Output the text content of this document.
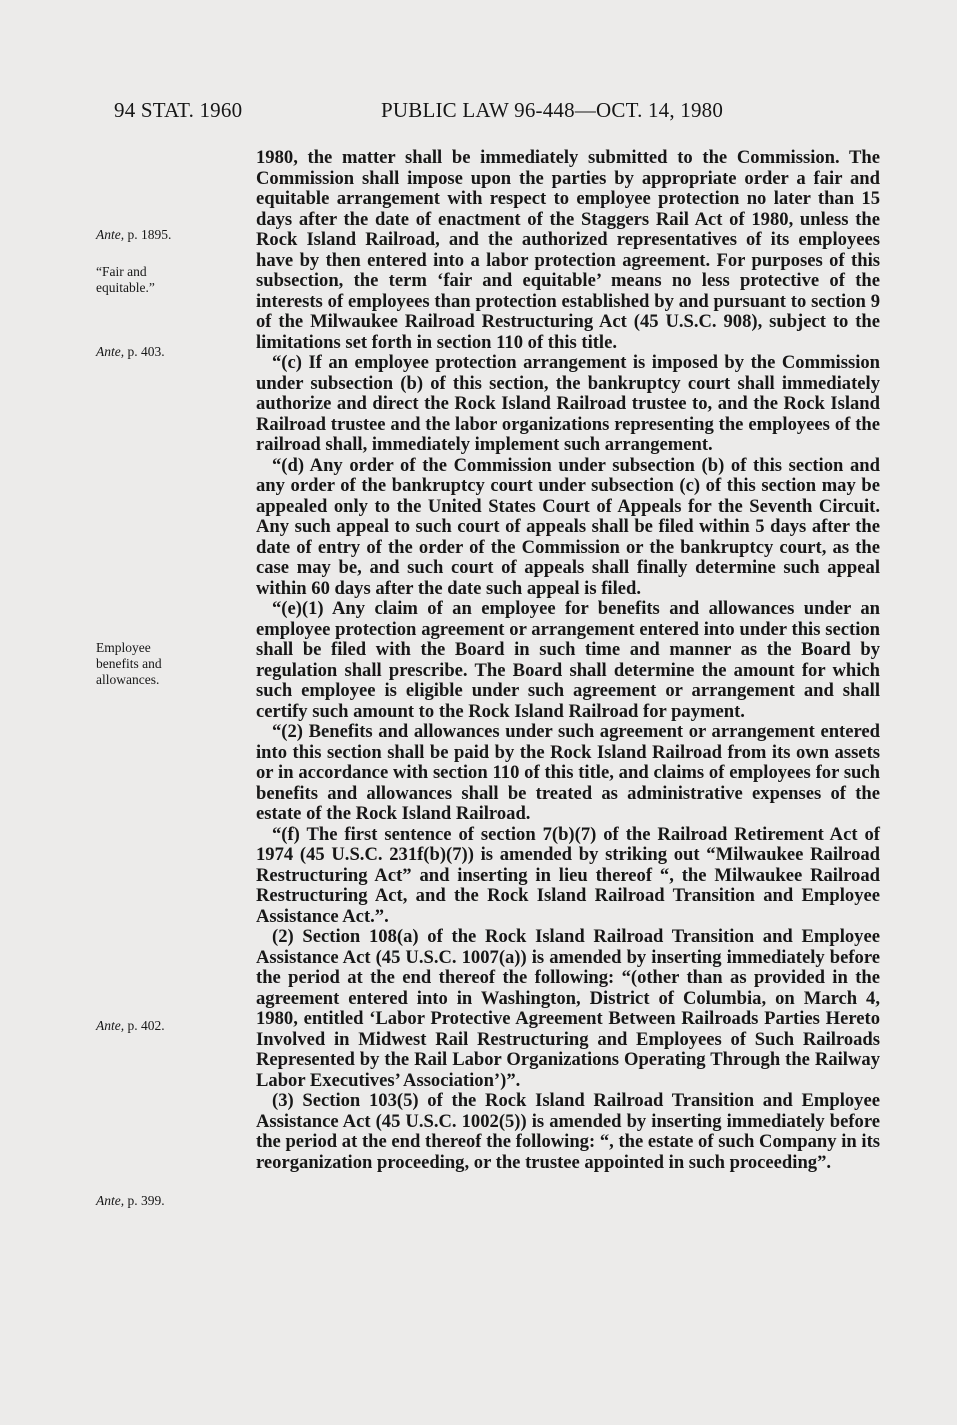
94 STAT. 1960	PUBLIC LAW 96-448—OCT. 14, 1980
Ante, p. 1895.
“Fair and
equitable.”
Ante, p. 403.
Employee
benefits and
allowances.
Ante, p. 402.
Ante, p. 399.

1980, the matter shall be immediately submitted to the Commission. The Commission shall impose upon the parties by appropriate order a fair and equitable arrangement with respect to employee protection no later than 15 days after the date of enactment of the Staggers Rail Act of 1980, unless the Rock Island Railroad, and the authorized representatives of its employees have by then entered into a labor protection agreement. For purposes of this subsection, the term ‘fair and equitable’ means no less protective of the interests of employees than protection established by and pursuant to section 9 of the Milwaukee Railroad Restructuring Act (45 U.S.C. 908), subject to the limitations set forth in section 110 of this title.

“(c) If an employee protection arrangement is imposed by the Commission under subsection (b) of this section, the bankruptcy court shall immediately authorize and direct the Rock Island Railroad trustee to, and the Rock Island Railroad trustee and the labor organizations representing the employees of the railroad shall, immediately implement such arrangement.

“(d) Any order of the Commission under subsection (b) of this section and any order of the bankruptcy court under subsection (c) of this section may be appealed only to the United States Court of Appeals for the Seventh Circuit. Any such appeal to such court of appeals shall be filed within 5 days after the date of entry of the order of the Commission or the bankruptcy court, as the case may be, and such court of appeals shall finally determine such appeal within 60 days after the date such appeal is filed.

“(e)(1) Any claim of an employee for benefits and allowances under an employee protection agreement or arrangement entered into under this section shall be filed with the Board in such time and manner as the Board by regulation shall prescribe. The Board shall determine the amount for which such employee is eligible under such agreement or arrangement and shall certify such amount to the Rock Island Railroad for payment.

“(2) Benefits and allowances under such agreement or arrangement entered into this section shall be paid by the Rock Island Railroad from its own assets or in accordance with section 110 of this title, and claims of employees for such benefits and allowances shall be treated as administrative expenses of the estate of the Rock Island Railroad.

“(f) The first sentence of section 7(b)(7) of the Railroad Retirement Act of 1974 (45 U.S.C. 231f(b)(7)) is amended by striking out “Milwaukee Railroad Restructuring Act” and inserting in lieu thereof “, the Milwaukee Railroad Restructuring Act, and the Rock Island Railroad Transition and Employee Assistance Act.”.

(2) Section 108(a) of the Rock Island Railroad Transition and Employee Assistance Act (45 U.S.C. 1007(a)) is amended by inserting immediately before the period at the end thereof the following: “(other than as provided in the agreement entered into in Washington, District of Columbia, on March 4, 1980, entitled ‘Labor Protective Agreement Between Railroads Parties Hereto Involved in Midwest Rail Restructuring and Employees of Such Railroads Represented by the Rail Labor Organizations Operating Through the Railway Labor Executives’ Association’)”.

(3) Section 103(5) of the Rock Island Railroad Transition and Employee Assistance Act (45 U.S.C. 1002(5)) is amended by inserting immediately before the period at the end thereof the following: “, the estate of such Company in its reorganization proceeding, or the trustee appointed in such proceeding”.
